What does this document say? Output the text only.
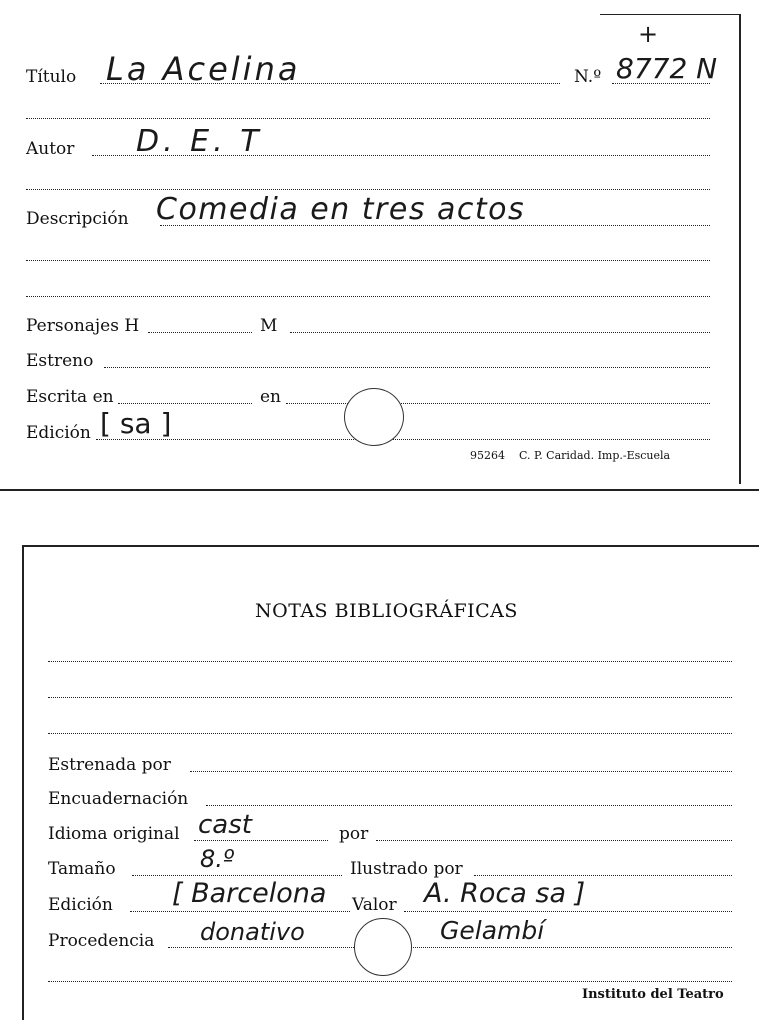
+
Título La Acelina	N.º 8772 N
Autor D. E. T
Descripción Comedia en tres actos
Personajes H	M
Estreno
Escrita en	en
Edición [ sa ]
95264 C. P. Caridad. Imp.-Escuela
NOTAS BIBLIOGRÁFICAS
Estrenada por
Encuadernación
Idioma original cast	por
Tamaño	8.º	Ilustrado por
Edición [ Barcelona Valor A. Roca sa ]
Procedencia donativo	Gelambí
Instituto del Teatro
